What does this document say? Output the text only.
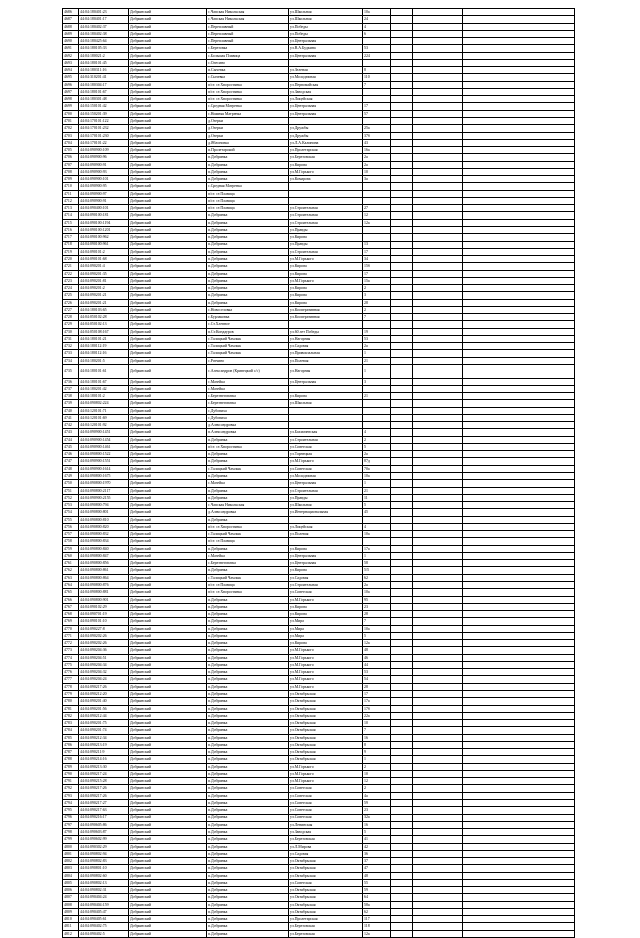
4686	44:04:180401:23	Добрынский	с.Чапская Никольская	ул.Школьная	10а			
4687	44:04:180401:17	Добрынский	с.Чапская Никольская	ул.Школьная	24			
4688	44:04:180402:37	Добрынский	с.Переплавный	ул.Победы	4			
4689	44:04:180402:38	Добрынский	с.Переплавный	ул.Победы	6			
4690	44:04:180425:64	Добрынский	с.Переплавный	ул.Центральная				
4691	44:04:180105:33	Добрынский	с.Березовка	ул.В.А.Будкина	53			
4692	44:04:180021:2	Добрынский	с.Большая Плавица	ул.Центральная	224			
4693	44:04:180101:45	Добрынский	с.Олесино					
4694	44:04:180311:16	Добрынский	п.Сычевка	ул.Зеленая	8			
4695	44:04:310201:41	Добрынский	с.Сычевка	ул.Молодежная	110			
4696	44:04:180304:17	Добрынский	п/ст. ст.Хворостянка	ул.Первомайская	7			
4697	44:04:180101:67	Добрынский	п/ст. ст.Хворостянка	ул.Заводская				
4698	44:04:180301:48	Добрынский	п/ст. ст.Хворостянка	ул.Лицейская				
4699	44:04:150101:42	Добрынский	с.Средняя Матренка	ул.Центральная	17			
4700	44:04:150201:39	Добрынский	с.Нижняя Матренка	ул.Центральная	57			
4701	44:04:170101:122	Добрынский	д.Озерки					
4702	44:04:170101:232	Добрынский	д.Озерки	ул.Дружбы	25а			
4703	44:04:170101:230	Добрынский	д.Озерки	ул.Дружбы	37б			
4704	44:04:170101:22	Добрынский	д.Яблоновка	ул.Л.А.Калинина	43			
4705	44:04:090900:109	Добрынский	п.Пролетарский	ул.Пролетарская	16а			
4706	44:04:090900:96	Добрынский	п.Добринка	ул.Березовская	2а			
4707	44:04:090900:91	Добрынский	п.Добринка	ул.Кирова	2а			
4708	44:04:090900:93	Добрынский	п.Добринка	ул.М.Горького	10			
4709	44:04:090900:101	Добрынский	п.Добринка	ул.Комарова	3а			
4710	44:04:090900:95	Добрынский	с.Средняя Матренка					
4711	44:04:090900:97	Добрынский	п/ст. ст.Плавица					
4712	44:04:090900:91	Добрынский	п/ст. ст.Плавица					
4713	44:04:090400:101	Добрынский	п/ст. ст.Плавица	ул.Строительная	27			
4714	44:04:090100:181	Добрынский	п.Добринка	ул.Строительная	12			
4715	44:04:090100:1194	Добрынский	п.Добринка	ул.Строительная	12а			
4716	44:04:090100:1201	Добрынский	п.Добринка	ул.Правды				
4717	44:04:090100:962	Добрынский	п.Добринка	ул.Кирова				
4718	44:04:090100:961	Добрынский	п.Добринка	ул.Правды	13			
4719	44:04:090101:2	Добрынский	п.Добринка	ул.Строительная	17			
4720	44:04:090101:68	Добрынский	п.Добринка	ул.М.Горького	34			
4721	44:04:090201:4	Добрынский	п.Добринка	ул.Кирова	15б			
4722	44:04:090201:35	Добрынский	п.Добринка	ул.Кирова	17			
4723	44:04:090201:81	Добрынский	п.Добринка	ул.М.Горького	15а			
4724	44:04:090201:2	Добрынский	п.Добринка	ул.Кирова	2			
4725	44:04:090201:21	Добрынский	п.Добринка	ул.Кирова	3			
4726	44:04:090201:21	Добрынский	п.Добринка	ул.Кирова	28			
4727	44:04:180103:65	Добрынский	с.Новоселовка	ул.Кооперативная	2			
4728	44:04:050102:28	Добрынский	с.Бурлаковка	ул.Кооперативная	7			
4729	44:04:050102:13	Добрынский	с.Ст.Хлевное					
4730	44:04:050108:167	Добрынский	п.Ст.Кондауров	ул.60 лет Победы	19			
4731	44:04:180101:21	Добрынский	с.Талицкий Чамлык	ул.Нагорная	53			
4732	44:04:180112:19	Добрынский	с.Талицкий Чамлык	ул.Садовая	2а			
4733	44:04:180112:16	Добрынский	с.Талицкий Чамлык	ул.Привокзальная	1			
4734	44:04:180201:5	Добрынский	с.Ратчино	ул.Полевая	21			
4735	44:04:180101:61	Добрынский	с.Александров (Кривецкий с/с)	ул.Нагорная	1			
4736	44:04:180101:67	Добрынский	с.Мазейка	ул.Центральная	3			
4737	44:04:180201:42	Добрынский	с.Мазейка					
4738	44:04:180101:2	Добрынский	с.Березнеговатка	ул.Кирова	21			
4739	44:04:090802:224	Добрынский	с.Березнеговатка	ул.Школьная				
4740	44:04:120101:71	Добрынский	с.Дубовиха					
4741	44:04:120101:69	Добрынский	с.Дубовиха					
4742	44:04:120101:92	Добрынский	д.Александровка					
4743	44:04:090900:1451	Добрынский	п.Александровка	ул.Бахмачевская	4			
4744	44:04:090900:1454	Добрынский	п.Добринка	ул.Строительная	2			
4745	44:04:090900:1461	Добрынский	п/ст. ст.Хворостянка	ул.Советская	5			
4746	44:04:090800:1522	Добрынский	п.Добринка	ул.Тарнецкая	2а			
4747	44:04:090900:1551	Добрынский	п.Добринка	ул.М.Горького	87д			
4748	44:04:090900:1614	Добрынский	с.Талицкий Чамлык	ул.Советская	70а			
4749	44:04:090800:1675	Добрынский	п.Добринка	ул.Молодежная	10а			
4750	44:04:090800:1970	Добрынский	с.Мазейка	ул.Центральная	1			
4751	44:04:090800:2117	Добрынский	п.Добринка	ул.Строительная	21			
4752	44:04:090900:2155	Добрынский	п.Добринка	ул.Правды	11			
4753	44:04:090800:794	Добрынский	с.Чапская Никольская	ул.Школьная	5			
4754	44:04:090800:801	Добрынский	д.Александровка	ул.Интернациональная	45			
4755	44:04:090800:810	Добрынский	п.Добринка					
4756	44:04:090800:820	Добрынский	п/ст. ст.Хворостянка	ул.Лицейская	4			
4757	44:04:090800:832	Добрынский	с.Талицкий Чамлык	ул.Полевая	10а			
4758	44:04:090800:834	Добрынский	п/ст. ст.Плавица					
4759	44:04:090800:840	Добрынский	п.Добринка	ул.Кирова	17а			
4760	44:04:090800:847	Добрынский	с.Мазейка	ул.Центральная	1			
4761	44:04:090800:856	Добрынский	с.Березнеговатка	ул.Центральная	58			
4762	44:04:090800:861	Добрынский	п.Добринка	ул.Кирова	5/5			
4763	44:04:090800:864	Добрынский	с.Талицкий Чамлык	ул.Садовая	62			
4764	44:04:090800:876	Добрынский	п/ст. ст.Плавица	ул.Строительная	2а			
4765	44:04:090800:881	Добрынский	п/ст. ст.Хворостянка	ул.Советская	10а			
4766	44:04:090800:901	Добрынский	п.Добринка	ул.М.Горького	95			
4767	44:04:090102:29	Добрынский	п.Добринка	ул.Кирова	23			
4768	44:04:090701:19	Добрынский	п.Добринка	ул.Кирова	28			
4769	44:04:090101:10	Добрынский	п.Добринка	ул.Мира	7			
4770	44:04:090227:8	Добрынский	п.Добринка	ул.Мира	10а			
4771	44:04:090202:26	Добрынский	п.Добринка	ул.Мира	5			
4772	44:04:090202:26	Добрынский	п.Добринка	ул.Кирова	12а			
4773	44:04:090204:36	Добрынский	п.Добринка	ул.М.Горького	48			
4774	44:04:090204:51	Добрынский	п.Добринка	ул.М.Горького	46			
4775	44:04:090204:34	Добрынский	п.Добринка	ул.М.Горького	44			
4776	44:04:090204:32	Добрынский	п.Добринка	ул.М.Горького	53			
4777	44:04:090204:24	Добрынский	п.Добринка	ул.М.Горького	54			
4778	44:04:090217:26	Добрынский	п.Добринка	ул.М.Горького	28			
4779	44:04:090212:20	Добрынский	п.Добринка	ул.Октябрьская	17			
4780	44:04:090201:40	Добрынский	п.Добринка	ул.Октябрьская	17а			
4781	44:04:090201:56	Добрынский	п.Добринка	ул.Октябрьская	17б			
4782	44:04:090212:44	Добрынский	п.Добринка	ул.Октябрьская	22а			
4783	44:04:090201:75	Добрынский	п.Добринка	ул.Октябрьская	10			
4784	44:04:090201:74	Добрынский	п.Добринка	ул.Октябрьская	7			
4785	44:04:090212:34	Добрынский	п.Добринка	ул.Октябрьская	16			
4786	44:04:090213:19	Добрынский	п.Добринка	ул.Октябрьская	8			
4787	44:04:090211:9	Добрынский	п.Добринка	ул.Октябрьская	9			
4788	44:04:090214:16	Добрынский	п.Добринка	ул.Октябрьская	1			
4789	44:04:090213:30	Добрынский	п.Добринка	ул.М.Горького	2			
4790	44:04:090217:24	Добрынский	п.Добринка	ул.М.Горького	10			
4791	44:04:090215:28	Добрынский	п.Добринка	ул.М.Горького	12			
4792	44:04:090217:26	Добрынский	п.Добринка	ул.Советская	2			
4793	44:04:090217:26	Добрынский	п.Добринка	ул.Советская	4а			
4794	44:04:090217:27	Добрынский	п.Добринка	ул.Советская	59			
4795	44:04:090217:63	Добрынский	п.Добринка	ул.Советская	23			
4796	44:04:090216:17	Добрынский	п.Добринка	ул.Советская	32а			
4797	44:04:090605:86	Добрынский	п.Добринка	ул.Ленинская	16			
4798	44:04:090603:87	Добрынский	п.Добринка	ул.Заводская	5			
4799	44:04:090602:99	Добрынский	п.Добринка	ул.Березовская	41			
4800	44:04:090302:29	Добрынский	п.Добринка	ул.Л.Мирова	42			
4801	44:04:090802:94	Добрынский	п.Добринка	ул.Садовая	36			
4802	44:04:090802:83	Добрынский	п.Добринка	ул.Октябрьская	37			
4803	44:04:090801:10	Добрынский	п.Добринка	ул.Октябрьская	47			
4804	44:04:090802:60	Добрынский	п.Добринка	ул.Октябрьская	48			
4805	44:04:090802:13	Добрынский	п.Добринка	ул.Советская	55			
4806	44:04:090802:31	Добрынский	п.Добринка	ул.Октябрьская	59			
4807	44:04:090404:24	Добрынский	п.Добринка	ул.Октябрьская	64			
4808	44:04:090404:159	Добрынский	п.Добринка	ул.Октябрьская	58а			
4809	44:04:090405:47	Добрынский	п.Добринка	ул.Октябрьская	62			
4810	44:04:090405:61	Добрынский	п.Добринка	ул.Пролетарская	117			
4811	44:04:090402:75	Добрынский	п.Добринка	ул.Березовская	118			
4812	44:04:090402:5	Добрынский	п.Добринка	ул.Березовская	12а			
